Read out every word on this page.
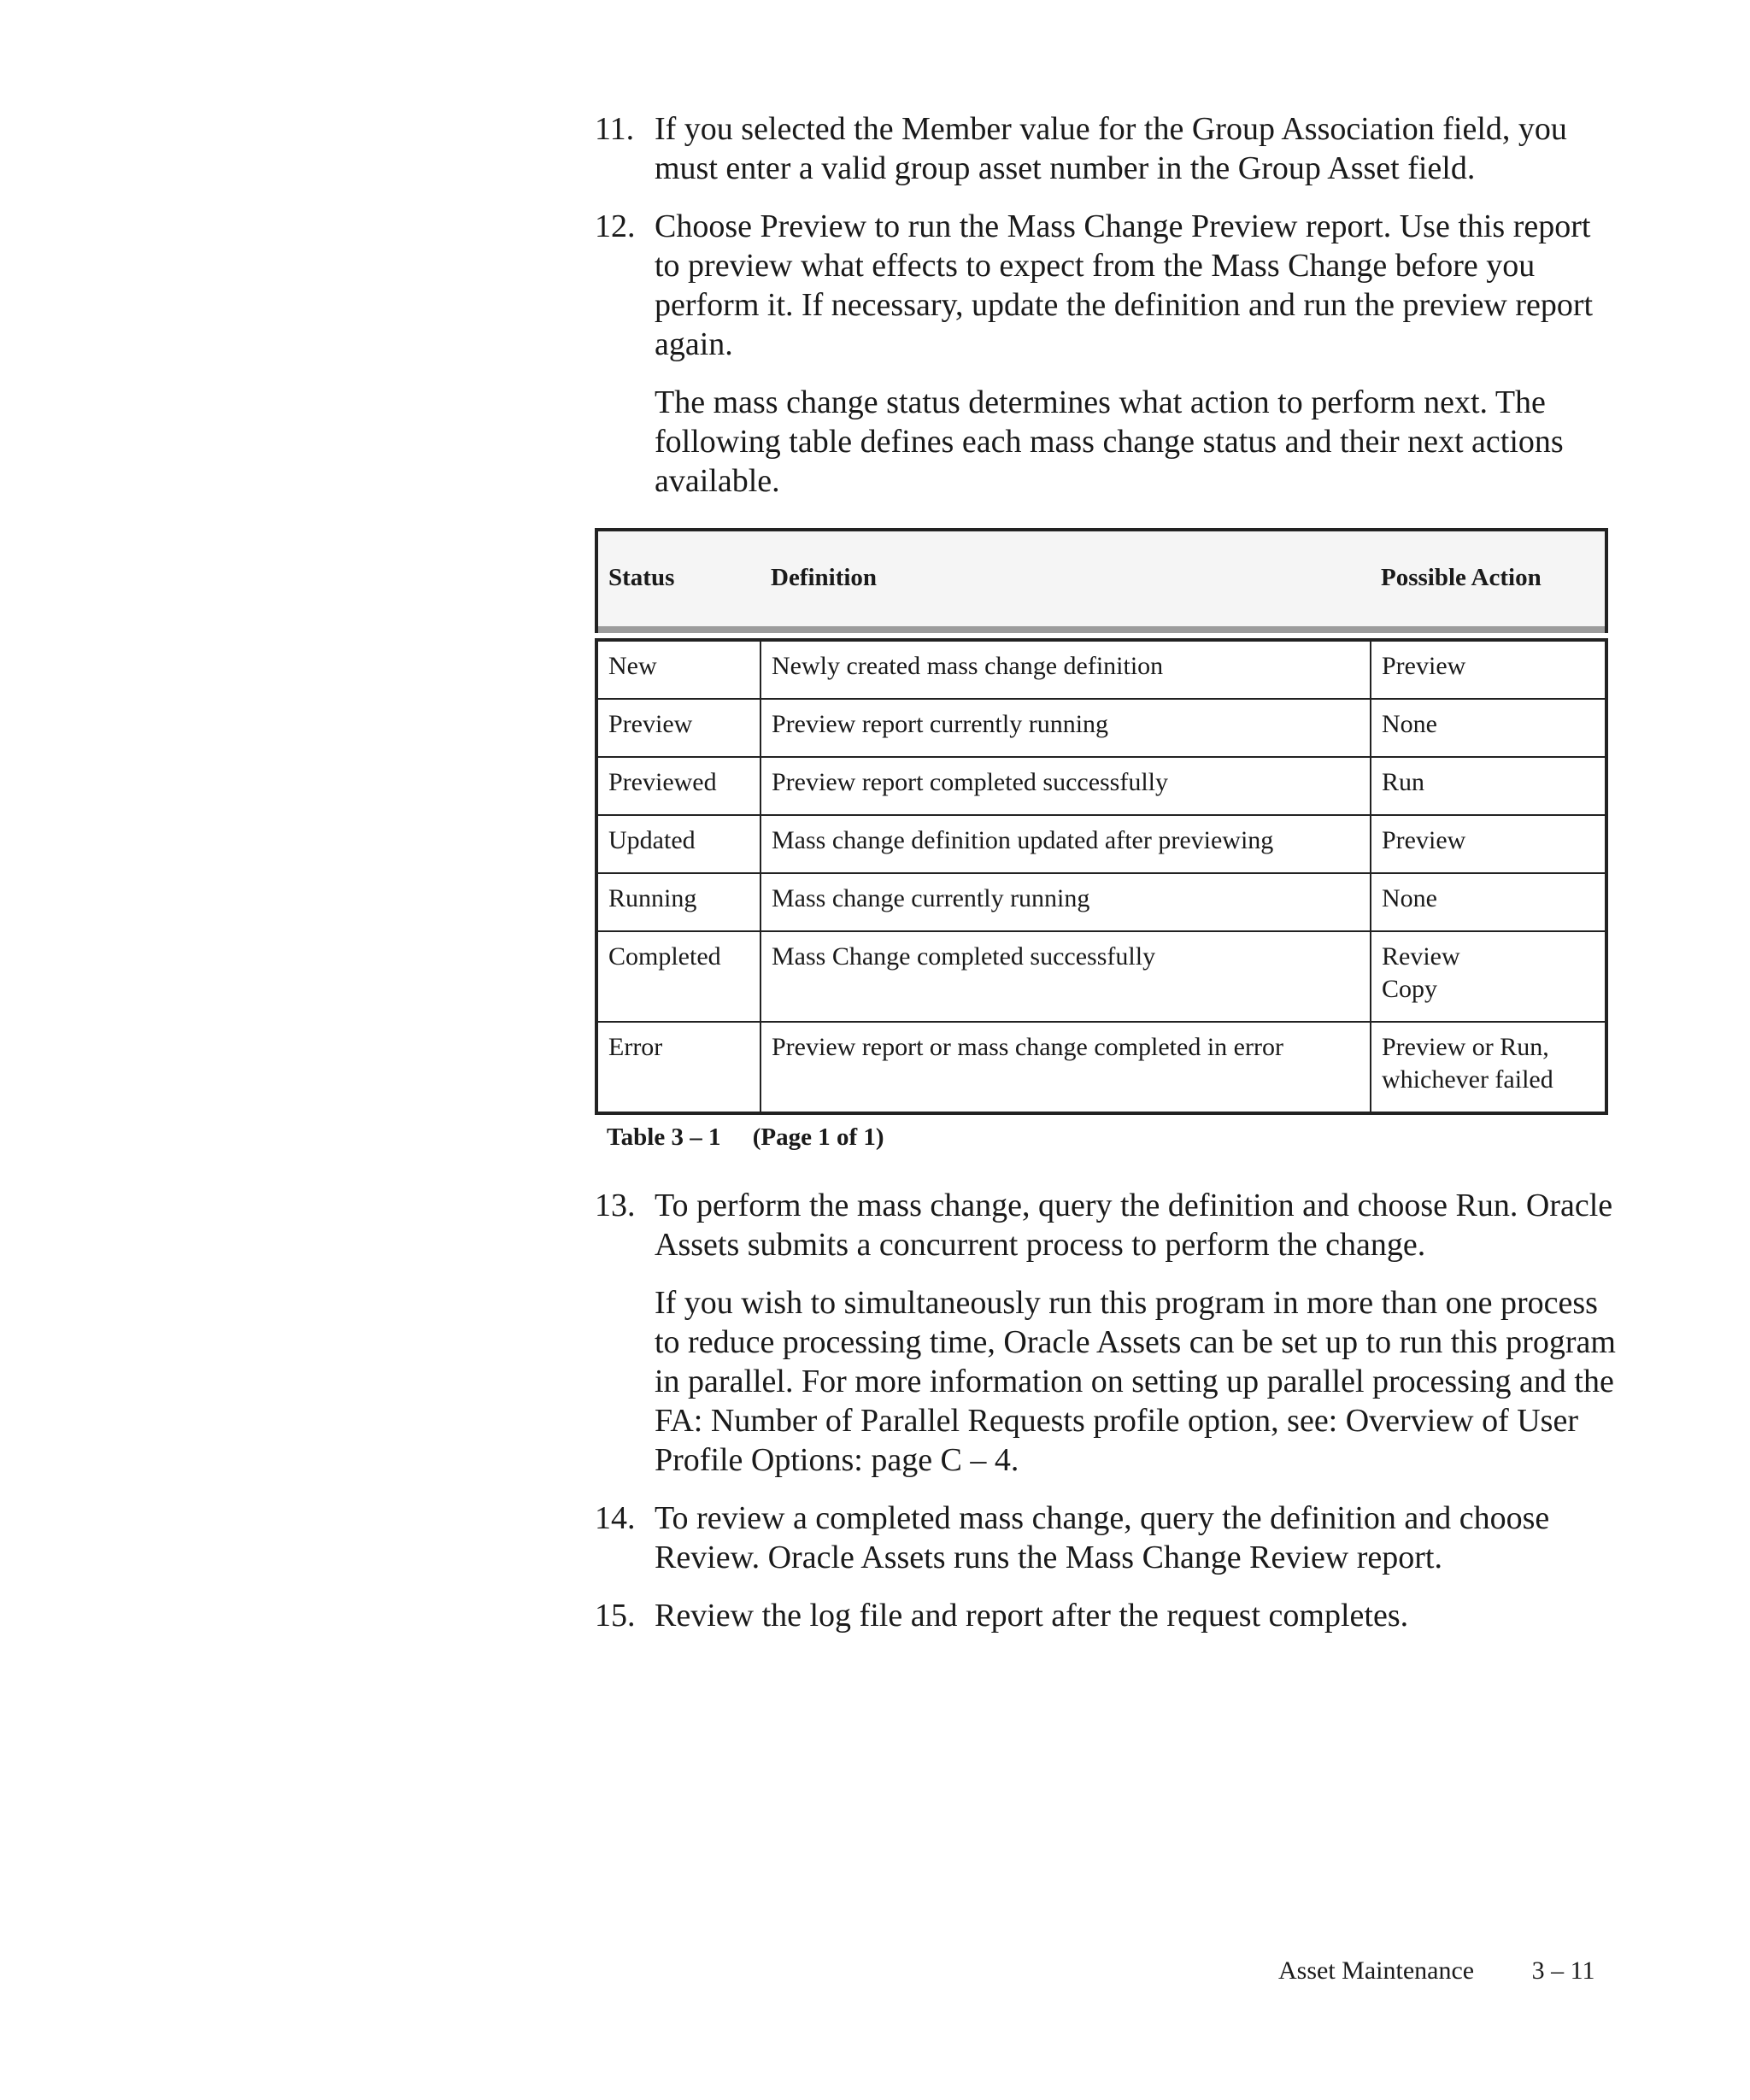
11. If you selected the Member value for the Group Association field, you must enter a valid group asset number in the Group Asset field.
12. Choose Preview to run the Mass Change Preview report. Use this report to preview what effects to expect from the Mass Change before you perform it. If necessary, update the definition and run the preview report again.
The mass change status determines what action to perform next. The following table defines each mass change status and their next actions available.
Status	Definition	Possible Action

New	Newly created mass change definition	Preview
Preview	Preview report currently running	None
Previewed	Preview report completed successfully	Run
Updated	Mass change definition updated after previewing	Preview
Running	Mass change currently running	None
Completed	Mass Change completed successfully	Review
Copy
Error	Preview report or mass change completed in error	Preview or Run, whichever failed
Table 3 – 1 (Page 1 of 1)
13. To perform the mass change, query the definition and choose Run. Oracle Assets submits a concurrent process to perform the change.
If you wish to simultaneously run this program in more than one process to reduce processing time, Oracle Assets can be set up to run this program in parallel. For more information on setting up parallel processing and the FA: Number of Parallel Requests profile option, see: Overview of User Profile Options: page C – 4.
14. To review a completed mass change, query the definition and choose Review. Oracle Assets runs the Mass Change Review report.
15. Review the log file and report after the request completes.
Asset Maintenance 3 – 11
